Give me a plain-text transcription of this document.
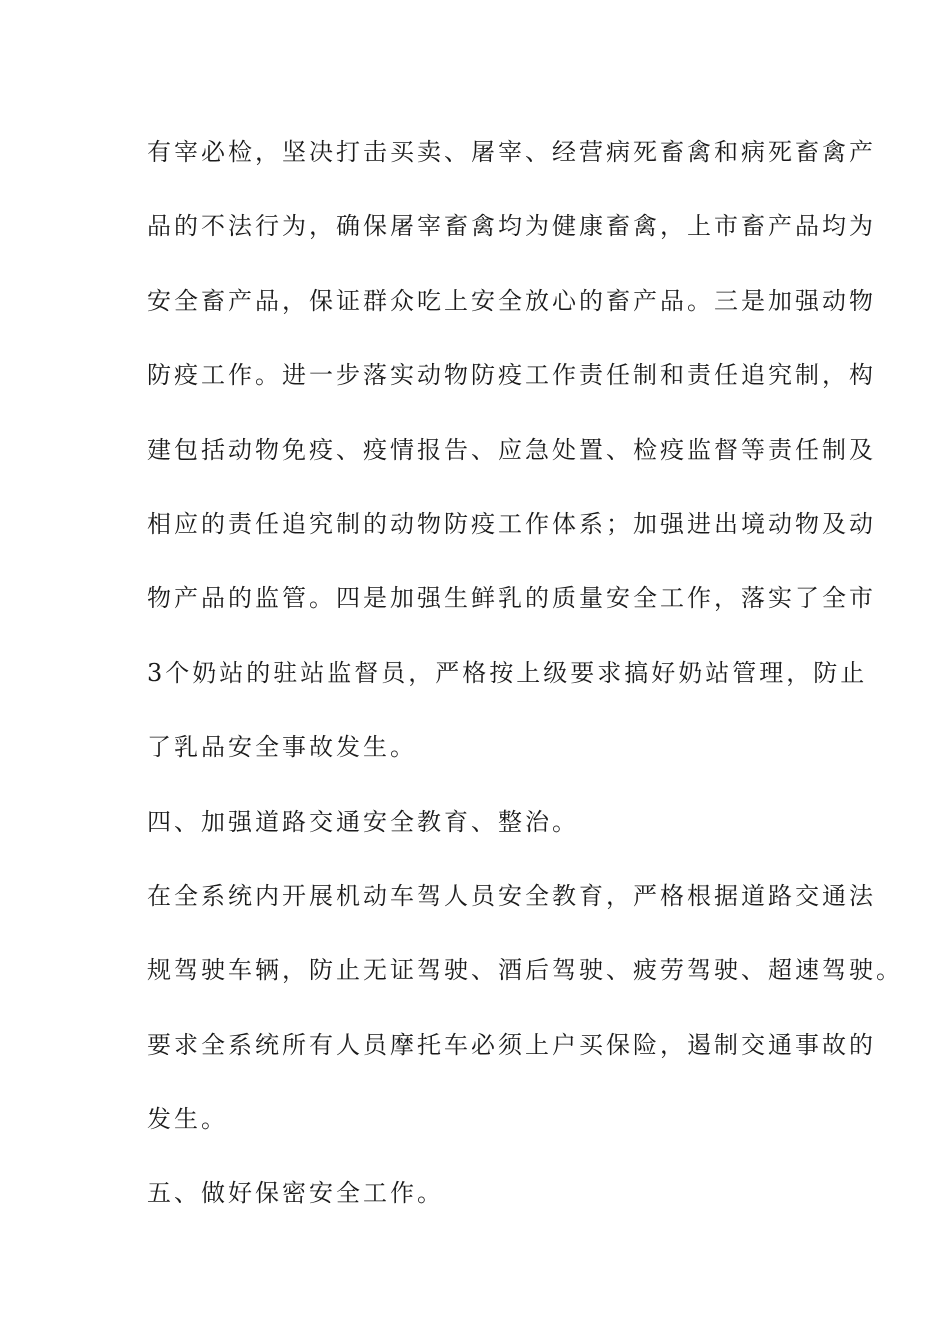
有宰必检，坚决打击买卖、屠宰、经营病死畜禽和病死畜禽产
品的不法行为，确保屠宰畜禽均为健康畜禽，上市畜产品均为
安全畜产品，保证群众吃上安全放心的畜产品。三是加强动物
防疫工作。进一步落实动物防疫工作责任制和责任追究制，构
建包括动物免疫、疫情报告、应急处置、检疫监督等责任制及
相应的责任追究制的动物防疫工作体系；加强进出境动物及动
物产品的监管。四是加强生鲜乳的质量安全工作，落实了全市
3个奶站的驻站监督员，严格按上级要求搞好奶站管理，防止
了乳品安全事故发生。
四、加强道路交通安全教育、整治。
在全系统内开展机动车驾人员安全教育，严格根据道路交通法
规驾驶车辆，防止无证驾驶、酒后驾驶、疲劳驾驶、超速驾驶。
要求全系统所有人员摩托车必须上户买保险，遏制交通事故的
发生。
五、做好保密安全工作。
